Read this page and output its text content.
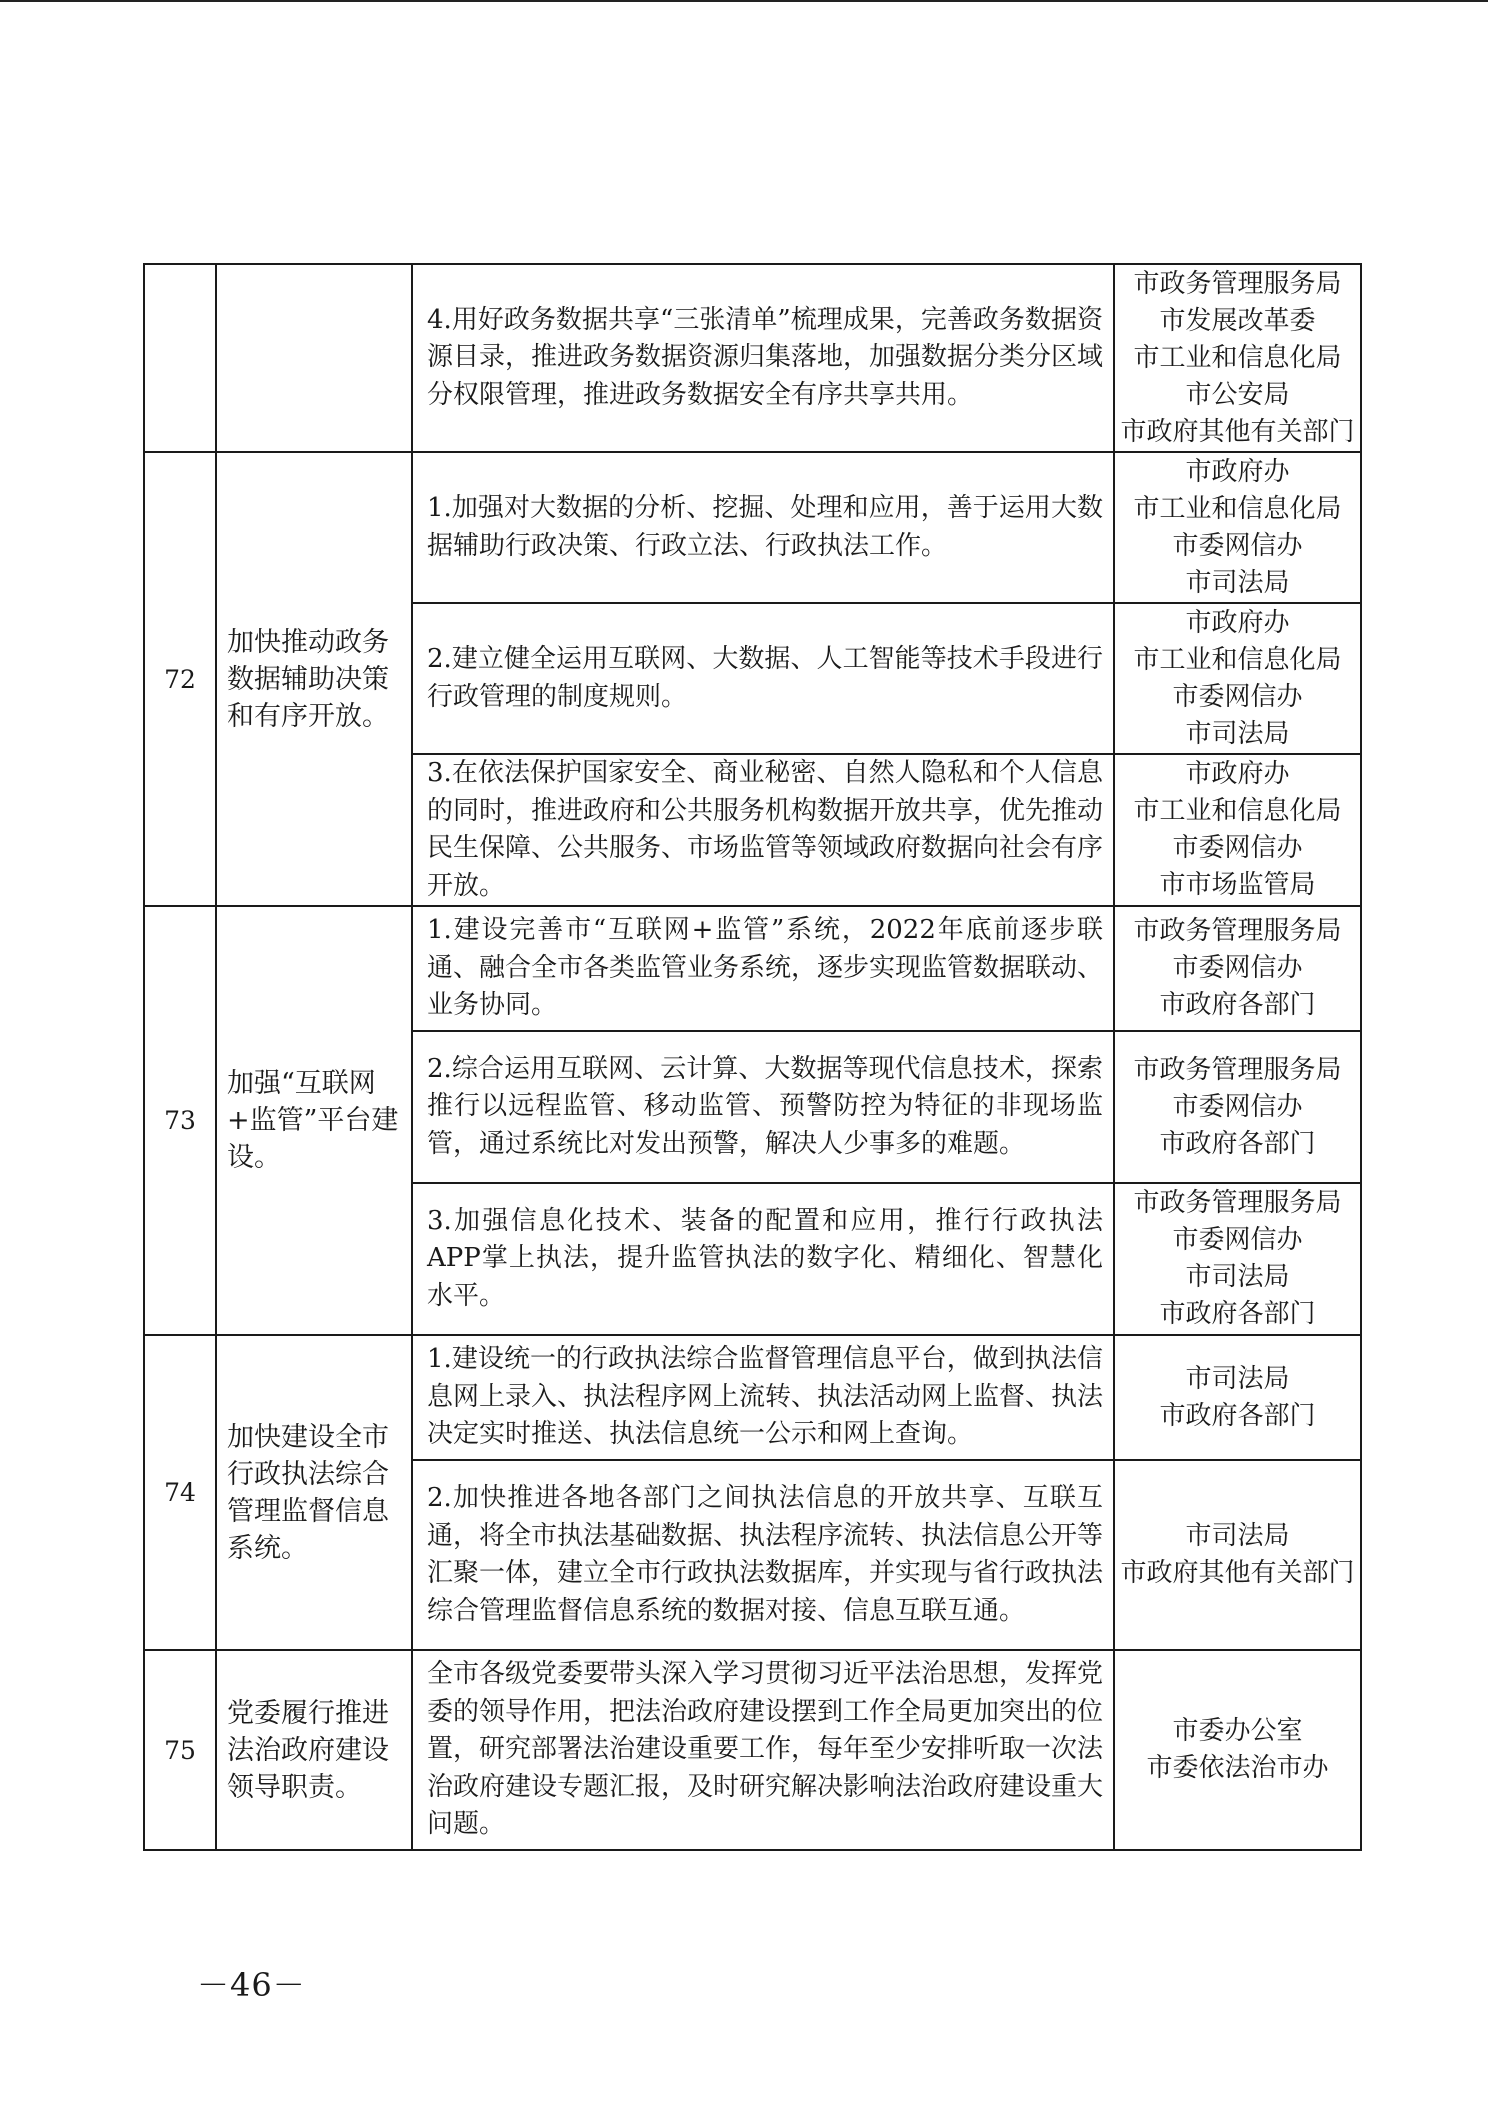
		4.用好政务数据共享“三张清单”梳理成果，完善政务数据资源目录，推进政务数据资源归集落地，加强数据分类分区域分权限管理，推进政务数据安全有序共享共用。	市政务管理服务局
市发展改革委
市工业和信息化局
市公安局
市政府其他有关部门

72	加快推动政务数据辅助决策和有序开放。	1.加强对大数据的分析、挖掘、处理和应用，善于运用大数据辅助行政决策、行政立法、行政执法工作。	市政府办
市工业和信息化局
市委网信办
市司法局

		2.建立健全运用互联网、大数据、人工智能等技术手段进行行政管理的制度规则。	市政府办
市工业和信息化局
市委网信办
市司法局

		3.在依法保护国家安全、商业秘密、自然人隐私和个人信息的同时，推进政府和公共服务机构数据开放共享，优先推动民生保障、公共服务、市场监管等领域政府数据向社会有序开放。	市政府办
市工业和信息化局
市委网信办
市市场监管局

73	加强“互联网+监管”平台建设。	1.建设完善市“互联网+监管”系统，2022年底前逐步联通、融合全市各类监管业务系统，逐步实现监管数据联动、业务协同。	市政务管理服务局
市委网信办
市政府各部门

		2.综合运用互联网、云计算、大数据等现代信息技术，探索推行以远程监管、移动监管、预警防控为特征的非现场监管，通过系统比对发出预警，解决人少事多的难题。	市政务管理服务局
市委网信办
市政府各部门

		3.加强信息化技术、装备的配置和应用，推行行政执法APP掌上执法，提升监管执法的数字化、精细化、智慧化水平。	市政务管理服务局
市委网信办
市司法局
市政府各部门

74	加快建设全市行政执法综合管理监督信息系统。	1.建设统一的行政执法综合监督管理信息平台，做到执法信息网上录入、执法程序网上流转、执法活动网上监督、执法决定实时推送、执法信息统一公示和网上查询。	市司法局
市政府各部门

		2.加快推进各地各部门之间执法信息的开放共享、互联互通，将全市执法基础数据、执法程序流转、执法信息公开等汇聚一体，建立全市行政执法数据库，并实现与省行政执法综合管理监督信息系统的数据对接、信息互联互通。	市司法局
市政府其他有关部门

75	党委履行推进法治政府建设领导职责。	全市各级党委要带头深入学习贯彻习近平法治思想，发挥党委的领导作用，把法治政府建设摆到工作全局更加突出的位置，研究部署法治建设重要工作，每年至少安排听取一次法治政府建设专题汇报，及时研究解决影响法治政府建设重大问题。	市委办公室
市委依法治市办
－46－
